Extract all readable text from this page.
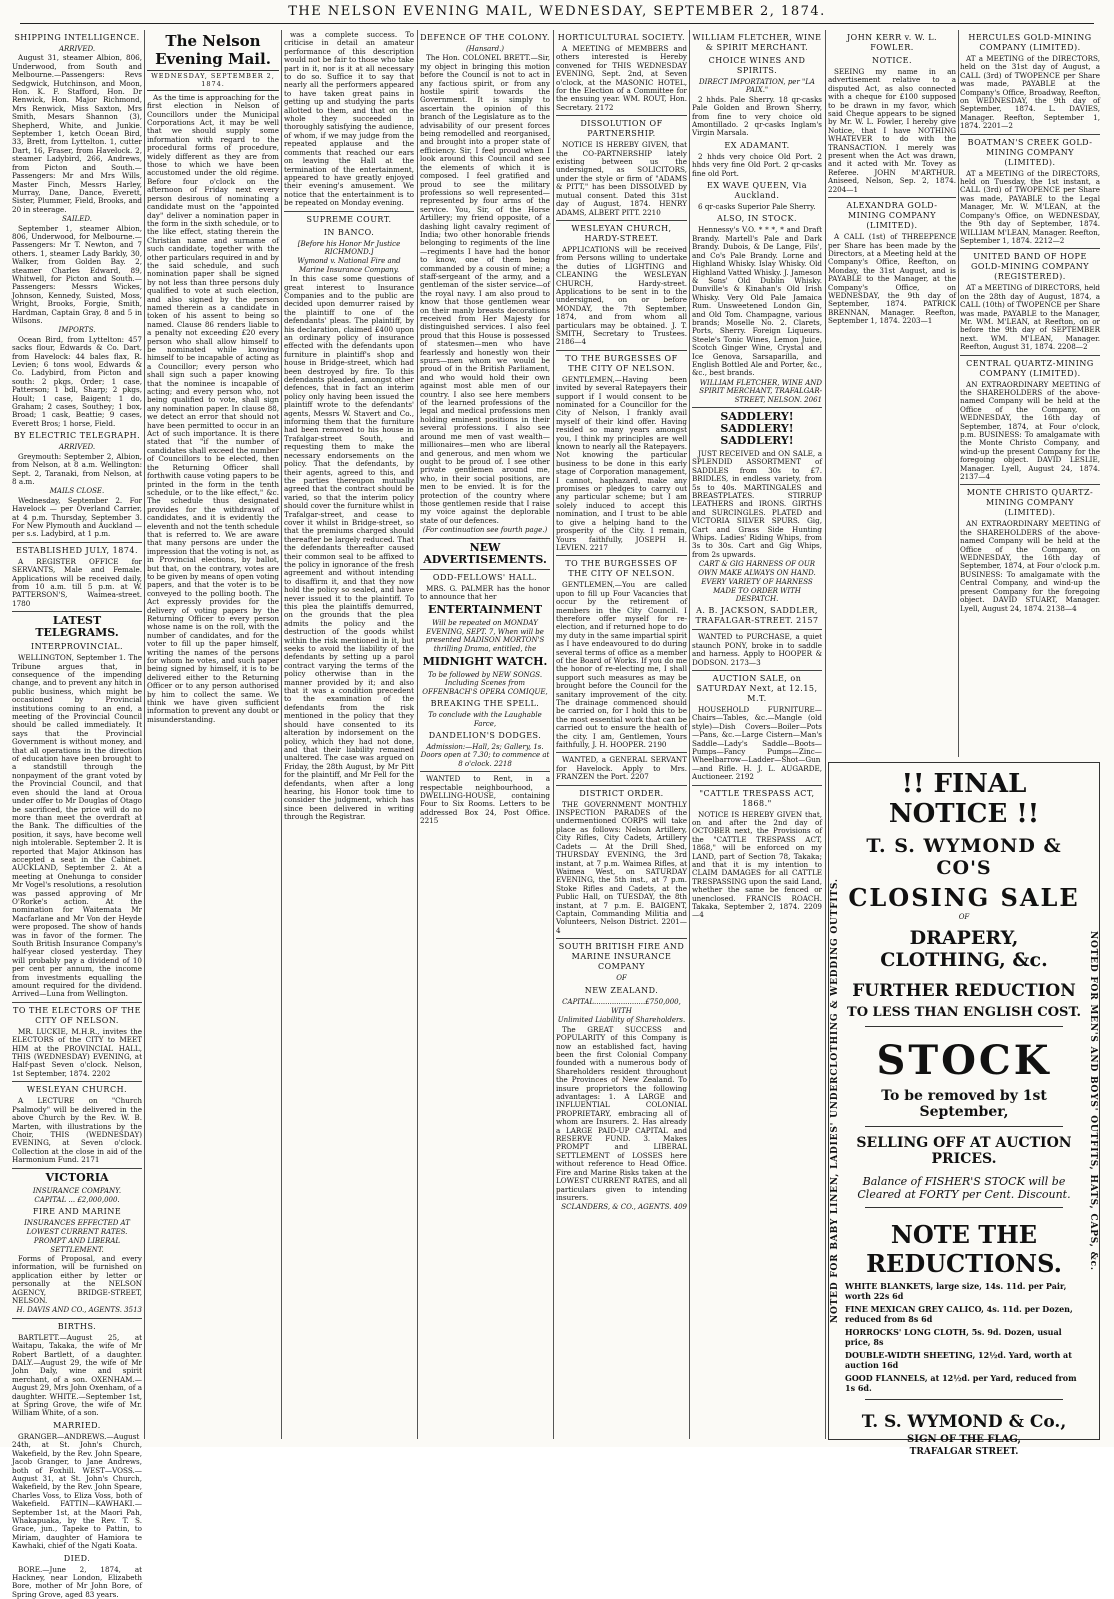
THE NELSON EVENING MAIL, WEDNESDAY, SEPTEMBER 2, 1874.
SHIPPING INTELLIGENCE.
ARRIVED.
August 31, steamer Albion, 806, Underwood, from South and Melbourne.—Passengers: Revs Sedgwick, Hutchinson, and Moon, Hon. K. F. Stafford, Hon. Dr Renwick, Hon. Major Richmond, Mrs Renwick, Miss Saxton, Mrs Smith, Mesars Shannon (3), Shepherd, White, and Junkie. September 1, ketch Ocean Bird, 33, Brett, from Lyttelton. 1, cutter Dart, 16, Fraser, from Havelock. 2, steamer Ladybird, 266, Andrews, from Picton and South.—Passengers: Mr and Mrs Wills, Master Finch, Messrs Harley, Murray, Dane, Dance, Everett, Sister, Plummer, Field, Brooks, and 20 in steerage.
SAILED.
September 1, steamer Albion, 806, Underwood, for Melbourne.—Passengers: Mr T. Newton, and 7 others. 1, steamer Lady Barkly, 30, Walker, from Golden Bay. 2, steamer Charles Edward, 89, Whitwell, for Picton and South.—Passengers: Messrs Wickes, Johnson, Kennedy, Suisted, Moss, Wright, Brooks, Forgie, Smith, Hardman, Captain Gray, 8 and 5 in Wilsons.
IMPORTS.
Ocean Bird, from Lyttelton: 457 sacks flour, Edwards & Co. Dart, from Havelock: 44 bales flax, R. Levien; 6 tons wool, Edwards & Co. Ladybird, from Picton and south: 2 pkgs, Order; 1 case, Patterson; 1 bdl, Sharp; 2 pkgs, Hoult; 1 case, Baigent; 1 do, Graham; 2 cases, Southey; 1 box, Broad; 1 cask, Beattie; 9 cases, Everett Bros; 1 horse, Field.
BY ELECTRIC TELEGRAPH.
ARRIVED.
Greymouth: September 2, Albion, from Nelson, at 8 a.m. Wellington: Sept. 2, Taranaki, from Nelson, at 8 a.m.
MAILS CLOSE.
Wednesday, September 2. For Havelock — per Overland Carrier, at 4 p.m. Thursday, September 3. For New Plymouth and Auckland — per s.s. Ladybird, at 1 p.m.
ESTABLISHED JULY, 1874.
A REGISTER OFFICE for SERVANTS, Male and Female. Applications will be received daily, from 10 a.m. till 5 p.m. at W. PATTERSON'S, Waimea-street. 1780
LATEST TELEGRAMS.
INTERPROVINCIAL.
WELLINGTON, September 1. The Tribune argues that, in consequence of the impending change, and to prevent any hitch in public business, which might be occasioned by Provincial institutions coming to an end, a meeting of the Provincial Council should be called immediately. It says that the Provincial Government is without money, and that all operations in the direction of education have been brought to a standstill through the nonpayment of the grant voted by the Provincial Council, and that even should the land at Oroua under offer to Mr Douglas of Otago be sacrificed, the price will do no more than meet the overdraft at the Bank. The difficulties of the position, it says, have become well nigh intolerable. September 2. It is reported that Major Atkinson has accepted a seat in the Cabinet. AUCKLAND, September 2. At a meeting at Onehunga to consider Mr Vogel's resolutions, a resolution was passed approving of Mr O'Rorke's action. At the nomination for Waitemata Mr Macfarlane and Mr Von der Heyde were proposed. The show of hands was in favor of the former. The South British Insurance Company's half-year closed yesterday. They will probably pay a dividend of 10 per cent per annum, the income from investments equalling the amount required for the dividend. Arrived—Luna from Wellington.
TO THE ELECTORS OF THE CITY OF NELSON.
MR. LUCKIE, M.H.R., invites the ELECTORS of the CITY to MEET HIM at the PROVINCIAL HALL, THIS (WEDNESDAY) EVENING, at Half-past Seven o'clock. Nelson, 1st September, 1874. 2202
WESLEYAN CHURCH.
A LECTURE on "Church Psalmody" will be delivered in the above Church by the Rev. W. B. Marten, with illustrations by the Choir, THIS (WEDNESDAY) EVENING, at Seven o'clock. Collection at the close in aid of the Harmonium Fund. 2171
VICTORIA
INSURANCE COMPANY.
CAPITAL ... £2,000,000.
FIRE AND MARINE
INSURANCES EFFECTED AT LOWEST CURRENT RATES.
PROMPT AND LIBERAL SETTLEMENT.
Forms of Proposal, and every information, will be furnished on application either by letter or personally at the NELSON AGENCY, BRIDGE-STREET, NELSON.
H. DAVIS AND CO., AGENTS. 3513
BIRTHS.
BARTLETT.—August 25, at Waitapu, Takaka, the wife of Mr Robert Bartlett, of a daughter. DALY.—August 29, the wife of Mr John Daly, wine and spirit merchant, of a son. OXENHAM.—August 29, Mrs John Oxenham, of a daughter. WHITE.—September 1st, at Spring Grove, the wife of Mr. William White, of a son.
MARRIED.
GRANGER—ANDREWS.—August 24th, at St. John's Church, Wakefield, by the Rev. John Speare, Jacob Granger, to Jane Andrews, both of Foxhill. WEST—VOSS.—August 31, at St. John's Church, Wakefield, by the Rev. John Speare, Charles Voss, to Eliza Voss, both of Wakefield. FATTIN—KAWHAKI.—September 1st, at the Maori Pah, Whakapuaka, by the Rev. T. S. Grace, jun., Tapeke to Pattin, to Miriam, daughter of Hamiora te Kawhaki, chief of the Ngati Koata.
DIED.
BORE.—June 2, 1874, at Hackney, near London, Elizabeth Bore, mother of Mr John Bore, of Spring Grove, aged 83 years.
The Nelson Evening Mail.
WEDNESDAY, SEPTEMBER 2, 1874.
As the time is approaching for the first election in Nelson of Councillors under the Municipal Corporations Act, it may be well that we should supply some information with regard to the procedural forms of procedure, widely different as they are from those to which we have been accustomed under the old régime. Before four o'clock on the afternoon of Friday next every person desirous of nominating a candidate must on the "appointed day" deliver a nomination paper in the form in the sixth schedule, or to the like effect, stating therein the Christian name and surname of such candidate, together with the other particulars required in and by the said schedule, and such nomination paper shall be signed by not less than three persons duly qualified to vote at such election, and also signed by the person named therein as a candidate in token of his assent to being so named. Clause 86 renders liable to a penalty not exceeding £20 every person who shall allow himself to be nominated while knowing himself to be incapable of acting as a Councillor; every person who shall sign such a paper knowing that the nominee is incapable of acting; and every person who, not being qualified to vote, shall sign any nomination paper. In clause 88, we detect an error that should not have been permitted to occur in an Act of such importance. It is there stated that "if the number of candidates shall exceed the number of Councillors to be elected, then the Returning Officer shall forthwith cause voting papers to be printed in the form in the tenth schedule, or to the like effect," &c. The schedule thus designated provides for the withdrawal of candidates, and it is evidently the eleventh and not the tenth schedule that is referred to. We are aware that many persons are under the impression that the voting is not, as in Provincial elections, by ballot, but that, on the contrary, votes are to be given by means of open voting papers, and that the voter is to be conveyed to the polling booth. The Act expressly provides for the delivery of voting papers by the Returning Officer to every person whose name is on the roll, with the number of candidates, and for the voter to fill up the paper himself, writing the names of the persons for whom he votes, and such paper being signed by himself, it is to be delivered either to the Returning Officer or to any person authorised by him to collect the same. We think we have given sufficient information to prevent any doubt or misunderstanding.
was a complete success. To criticise in detail an amateur performance of this description would not be fair to those who take part in it, nor is it at all necessary to do so. Suffice it to say that nearly all the performers appeared to have taken great pains in getting up and studying the parts allotted to them, and that on the whole they succeeded in thoroughly satisfying the audience, of whom, if we may judge from the repeated applause and the comments that reached our ears on leaving the Hall at the termination of the entertainment, appeared to have greatly enjoyed their evening's amusement. We notice that the entertainment is to be repeated on Monday evening.
SUPREME COURT.
IN BANCO.
[Before his Honor Mr Justice RICHMOND.]
Wymond v. National Fire and Marine Insurance Company.
In this case some questions of great interest to Insurance Companies and to the public are decided upon demurrer raised by the plaintiff to one of the defendants' pleas. The plaintiff, by his declaration, claimed £400 upon an ordinary policy of insurance effected with the defendants upon furniture in plaintiff's shop and house in Bridge-street, which had been destroyed by fire. To this defendants pleaded, amongst other defences, that in fact an interim policy only having been issued the plaintiff wrote to the defendants' agents, Messrs W. Stavert and Co., informing them that the furniture had been removed to his house in Trafalgar-street South, and requesting them to make the necessary endorsements on the policy. That the defendants, by their agents, agreed to this, and the parties thereupon mutually agreed that the contract should be varied, so that the interim policy should cover the furniture whilst in Trafalgar-street, and cease to cover it whilst in Bridge-street, so that the premiums charged should thereafter be largely reduced. That the defendants thereafter caused their common seal to be affixed to the policy in ignorance of the fresh agreement and without intending to disaffirm it, and that they now hold the policy so sealed, and have never issued it to the plaintiff. To this plea the plaintiffs demurred, on the grounds that the plea admits the policy and the destruction of the goods whilst within the risk mentioned in it, but seeks to avoid the liability of the defendants by setting up a parol contract varying the terms of the policy otherwise than in the manner provided by it; and also that it was a condition precedent to the examination of the defendants from the risk mentioned in the policy that they should have consented to its alteration by indorsement on the policy, which they had not done, and that their liability remained unaltered. The case was argued on Friday, the 28th August, by Mr Pitt for the plaintiff, and Mr Fell for the defendants, when after a long hearing, his Honor took time to consider the judgment, which has since been delivered in writing through the Registrar.
DEFENCE OF THE COLONY.
(Hansard.)
The Hon. COLONEL BRETT.—Sir, my object in bringing this motion before the Council is not to act in any factious spirit, or from any hostile spirit towards the Government. It is simply to ascertain the opinion of this branch of the Legislature as to the advisability of our present forces being remodelled and reorganised, and brought into a proper state of efficiency. Sir, I feel proud when I look around this Council and see the elements of which it is composed. I feel gratified and proud to see the military professions so well represented—represented by four arms of the service. You, Sir, of the Horse Artillery; my friend opposite, of a dashing light cavalry regiment of India; two other honorable friends belonging to regiments of the line—regiments I have had the honor to know, one of them being commanded by a cousin of mine; a staff-sergeant of the army, and a gentleman of the sister service—of the royal navy. I am also proud to know that those gentlemen wear on their manly breasts decorations received from Her Majesty for distinguished services. I also feel proud that this House is possessed of statesmen—men who have fearlessly and honestly won their spurs—men whom we would be proud of in the British Parliament, and who would hold their own against most able men of our country. I also see here members of the learned professions of the legal and medical professions men holding eminent positions in their several professions. I also see around me men of vast wealth—millionaires—men who are liberal and generous, and men whom we ought to be proud of. I see other private gentlemen around me, who, in their social positions, are men to be envied. It is for the protection of the country where those gentlemen reside that I raise my voice against the deplorable state of our defences.
(For continuation see fourth page.)
NEW ADVERTISEMENTS.
ODD-FELLOWS' HALL.
MRS. G. PALMER has the honor to announce that her
ENTERTAINMENT
Will be repeated on MONDAY EVENING, SEPT. 7, When will be presented MADISON MORTON'S thrilling Drama, entitled, the
MIDNIGHT WATCH.
To be followed by NEW SONGS. Including Scenes from OFFENBACH'S OPERA COMIQUE,
BREAKING THE SPELL.
To conclude with the Laughable Farce,
DANDELION'S DODGES.
Admission:—Hall, 2s; Gallery, 1s. Doors open at 7.30; to commence at 8 o'clock. 2218
WANTED to Rent, in a respectable neighbourhood, a DWELLING-HOUSE, containing Four to Six Rooms. Letters to be addressed Box 24, Post Office. 2215
HORTICULTURAL SOCIETY.
A MEETING of MEMBERS and others interested is Hereby convened for THIS WEDNESDAY EVENING, Sept. 2nd, at Seven o'clock, at the MASONIC HOTEL, for the Election of a Committee for the ensuing year. WM. ROUT, Hon. Secretary. 2172
DISSOLUTION OF PARTNERSHIP.
NOTICE IS HEREBY GIVEN, that the CO-PARTNERSHIP lately existing between us the undersigned, as SOLICITORS, under the style or firm of "ADAMS & PITT," has been DISSOLVED by mutual consent. Dated this 31st day of August, 1874. HENRY ADAMS, ALBERT PITT. 2210
WESLEYAN CHURCH, HARDY-STREET.
APPLICATIONS will be received from Persons willing to undertake the duties of LIGHTING and CLEANING the WESLEYAN CHURCH, Hardy-street. Applications to be sent in to the undersigned, on or before MONDAY, the 7th September, 1874, and from whom all particulars may be obtained. J. T. SMITH, Secretary to Trustees. 2186—4
TO THE BURGESSES OF THE CITY OF NELSON.
GENTLEMEN,—Having been invited by several Ratepayers their support if I would consent to be nominated for a Councillor for the City of Nelson, I frankly avail myself of their kind offer. Having resided so many years amongst you, I think my principles are well known to nearly all the Ratepayers. Not knowing the particular business to be done in this early stage of Corporation management, I cannot, haphazard, make any promises or pledges to carry out any particular scheme; but I am solely induced to accept this nomination, and I trust to be able to give a helping hand to the prosperity of the City. I remain, Yours faithfully, JOSEPH H. LEVIEN. 2217
TO THE BURGESSES OF THE CITY OF NELSON.
GENTLEMEN,—You are called upon to fill up Four Vacancies that occur by the retirement of members in the City Council. I therefore offer myself for re-election, and if returned hope to do my duty in the same impartial spirit as I have endeavoured to do during several terms of office as a member of the Board of Works. If you do me the honor of re-electing me, I shall support such measures as may be brought before the Council for the sanitary improvement of the city. The drainage commenced should be carried on, for I hold this to be the most essential work that can be carried out to ensure the health of the city. I am, Gentlemen, Yours faithfully, J. H. HOOPER. 2190
WANTED, a GENERAL SERVANT for Havelock. Apply to Mrs. FRANZEN the Port. 2207
DISTRICT ORDER.
THE GOVERNMENT MONTHLY INSPECTION PARADES of the undermentioned CORPS will take place as follows: Nelson Artillery, City Rifles, City Cadets, Artillery Cadets — At the Drill Shed, THURSDAY EVENING, the 3rd instant, at 7 p.m. Waimea Rifles, at Waimea West, on SATURDAY EVENING, the 5th inst., at 7 p.m. Stoke Rifles and Cadets, at the Public Hall, on TUESDAY, the 8th instant, at 7 p.m. E. BAIGENT, Captain, Commanding Militia and Volunteers, Nelson District. 2201—4
SOUTH BRITISH FIRE AND MARINE INSURANCE COMPANY
OF
NEW ZEALAND.
CAPITAL.......................£750,000,
WITH
Unlimited Liability of Shareholders.
The GREAT SUCCESS and POPULARITY of this Company is now an established fact, having been the first Colonial Company founded with a numerous body of Shareholders resident throughout the Provinces of New Zealand. To insure proprietors the following advantages: 1. A LARGE and INFLUENTIAL COLONIAL PROPRIETARY, embracing all of whom are Insurers. 2. Has already a LARGE PAID-UP CAPITAL and RESERVE FUND. 3. Makes PROMPT and LIBERAL SETTLEMENT of LOSSES here without reference to Head Office. Fire and Marine Risks taken at the LOWEST CURRENT RATES, and all particulars given to intending insurers.
SCLANDERS, & CO., AGENTS. 409
WILLIAM FLETCHER, WINE & SPIRIT MERCHANT.
CHOICE WINES AND SPIRITS.
DIRECT IMPORTATION, per "LA PAIX."
2 hhds. Pale Sherry. 18 qr-casks Pale Golden and Brown Sherry, from fine to very choice old Amontillado. 2 qr-casks Inglam's Virgin Marsala.
EX ADAMANT.
2 hhds very choice Old Port. 2 hhds very fine Old Port. 2 qr-casks fine old Port.
EX WAVE QUEEN, Via Auckland.
6 qr-casks Superior Pale Sherry.
ALSO, IN STOCK.
Hennessy's V.O. * * *, * and Draft Brandy. Martell's Pale and Dark Brandy. Dubois, & De Lange, Fils', and Co's Pale Brandy. Lorne and Highland Whisky. Islay Whisky. Old Highland Vatted Whisky. J. Jameson & Sons' Old Dublin Whisky. Dunville's & Kinahan's Old Irish Whisky. Very Old Pale Jamaica Rum. Unsweetened London Gin, and Old Tom. Champagne, various brands; Moselle No. 2. Clarets, Ports, Sherry. Foreign Liqueurs. Steele's Tonic Wines, Lemon Juice, Scotch Ginger Wine, Crystal and Ice Genova, Sarsaparilla, and English Bottled Ale and Porter, &c., &c., best brands.
WILLIAM FLETCHER, WINE AND SPIRIT MERCHANT, TRAFALGAR-STREET, NELSON. 2061
SADDLERY! SADDLERY! SADDLERY!
JUST RECEIVED and ON SALE, a SPLENDID ASSORTMENT of SADDLES from 30s to £7. BRIDLES, in endless variety, from 5s to 40s. MARTINGALES and BREASTPLATES. STIRRUP LEATHERS and IRONS. GIRTHS and SURCINGLES. PLATED and VICTORIA SILVER SPURS. Gig, Cart and Grass Side Hunting Whips. Ladies' Riding Whips, from 3s to 30s. Cart and Gig Whips, from 2s upwards.
CART & GIG HARNESS OF OUR OWN MAKE ALWAYS ON HAND.
EVERY VARIETY OF HARNESS MADE TO ORDER WITH DESPATCH.
A. B. JACKSON, SADDLER, TRAFALGAR-STREET. 2157
WANTED to PURCHASE, a quiet staunch PONY, broke in to saddle and harness. Apply to HOOPER & DODSON. 2173—3
AUCTION SALE, on SATURDAY Next, at 12.15, M.T.
HOUSEHOLD FURNITURE—Chairs—Tables, &c.—Mangle (old style)—Dish Covers—Boiler—Pots—Pans, &c.—Large Cistern—Man's Saddle—Lady's Saddle—Boots—Pumps—Fancy Pumps—Zinc—Wheelbarrow—Ladder—Shot—Gun—and Rifle. H. J. L. AUGARDE, Auctioneer. 2192
"CATTLE TRESPASS ACT, 1868."
NOTICE IS HEREBY GIVEN that, on and after the 2nd day of OCTOBER next, the Provisions of the "CATTLE TRESPASS ACT, 1868," will be enforced on my LAND, part of Section 78, Takaka; and that it is my intention to CLAIM DAMAGES for all CATTLE TRESPASSING upon the said Land, whether the same be fenced or unenclosed. FRANCIS ROACH. Takaka, September 2, 1874. 2209—4
JOHN KERR v. W. L. FOWLER.
NOTICE.
SEEING my name in an advertisement relative to a disputed Act, as also connected with a cheque for £100 supposed to be drawn in my favor, which said Cheque appears to be signed by Mr. W. L. Fowler, I hereby give Notice, that I have NOTHING WHATEVER to do with the TRANSACTION. I merely was present when the Act was drawn, and it acted with Mr. Tovey as Referee. JOHN M'ARTHUR. Aniseed, Nelson, Sep. 2, 1874. 2204—1
ALEXANDRA GOLD-MINING COMPANY (LIMITED).
A CALL (1st) of THREEPENCE per Share has been made by the Directors, at a Meeting held at the Company's Office, Reefton, on Monday, the 31st August, and is PAYABLE to the Manager, at the Company's Office, on WEDNESDAY, the 9th day of September, 1874. PATRICK BRENNAN, Manager. Reefton, September 1, 1874. 2203—1
HERCULES GOLD-MINING COMPANY (LIMITED).
AT a MEETING of the DIRECTORS, held on the 31st day of August, a CALL (3rd) of TWOPENCE per Share was made, PAYABLE at the Company's Office, Broadway, Reefton, on WEDNESDAY, the 9th day of September, 1874. L. DAVIES, Manager. Reefton, September 1, 1874. 2201—2
BOATMAN'S CREEK GOLD-MINING COMPANY (LIMITED).
AT a MEETING of the DIRECTORS, held on Tuesday, the 1st instant, a CALL (3rd) of TWOPENCE per Share was made, PAYABLE to the Legal Manager, Mr. W. M'LEAN, at the Company's Office, on WEDNESDAY, the 9th day of September, 1874. WILLIAM M'LEAN, Manager. Reefton, September 1, 1874. 2212—2
UNITED BAND OF HOPE GOLD-MINING COMPANY (REGISTERED).
AT a MEETING of DIRECTORS, held on the 28th day of August, 1874, a CALL (10th) of TWOPENCE per Share was made, PAYABLE to the Manager, Mr. WM. M'LEAN, at Reefton, on or before the 9th day of SEPTEMBER next. WM. M'LEAN, Manager. Reefton, August 31, 1874. 2208—2
CENTRAL QUARTZ-MINING COMPANY (LIMITED).
AN EXTRAORDINARY MEETING of the SHAREHOLDERS of the above-named Company will be held at the Office of the Company, on WEDNESDAY, the 16th day of September, 1874, at Four o'clock, p.m. BUSINESS: To amalgamate with the Monte Christo Company, and wind-up the present Company for the foregoing object. DAVID LESLIE, Manager. Lyell, August 24, 1874. 2137—4
MONTE CHRISTO QUARTZ-MINING COMPANY (LIMITED).
AN EXTRAORDINARY MEETING of the SHAREHOLDERS of the above-named Company will be held at the Office of the Company, on WEDNESDAY, the 16th day of September, 1874, at Four o'clock p.m. BUSINESS: To amalgamate with the Central Company, and wind-up the present Company for the foregoing object. DAVID STUART, Manager. Lyell, August 24, 1874. 2138—4
NOTED FOR BABY LINEN, LADIES' UNDERCLOTHING & WEDDING OUTFITS.	NOTED FOR MEN'S AND BOYS' OUTFITS, HATS, CAPS, &c.
!! FINAL NOTICE !!
T. S. WYMOND & CO'S
CLOSING SALE
OF
DRAPERY, CLOTHING, &c.
FURTHER REDUCTION
TO LESS THAN ENGLISH COST.
STOCK
To be removed by 1st September,
SELLING OFF AT AUCTION PRICES.
Balance of FISHER'S STOCK will be Cleared at FORTY per Cent. Discount.
NOTE THE REDUCTIONS.
WHITE BLANKETS, large size, 14s. 11d. per Pair, worth 22s 6d
FINE MEXICAN GREY CALICO, 4s. 11d. per Dozen, reduced from 8s 6d
HORROCKS' LONG CLOTH, 5s. 9d. Dozen, usual price, 8s
DOUBLE-WIDTH SHEETING, 12½d. Yard, worth at auction 16d
GOOD FLANNELS, at 12½d. per Yard, reduced from 1s 6d.
T. S. WYMOND & Co.,
SIGN OF THE FLAG,
TRAFALGAR STREET.
